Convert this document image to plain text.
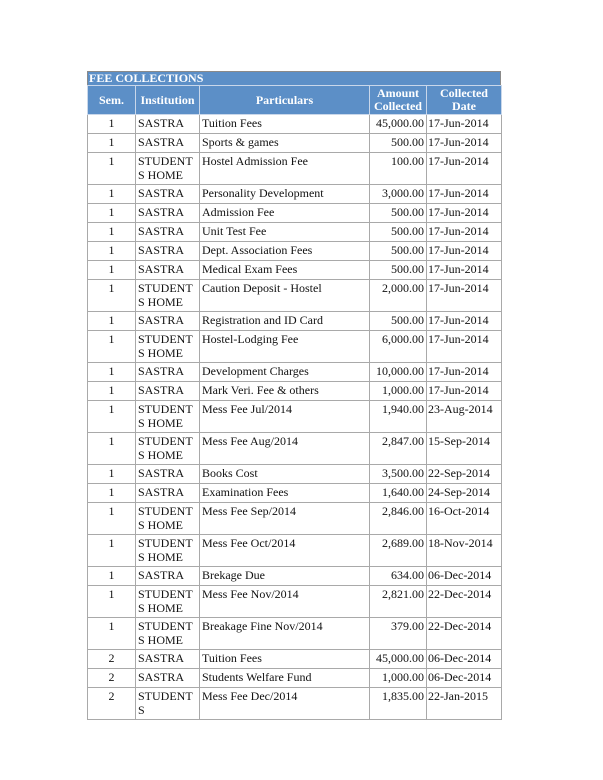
FEE COLLECTIONS
Sem.	Institution	Particulars	Amount Collected	Collected Date
1	SASTRA	Tuition Fees	45,000.00	17-Jun-2014
1	SASTRA	Sports & games	500.00	17-Jun-2014
1	STUDENTS HOME	Hostel Admission Fee	100.00	17-Jun-2014
1	SASTRA	Personality Development	3,000.00	17-Jun-2014
1	SASTRA	Admission Fee	500.00	17-Jun-2014
1	SASTRA	Unit Test Fee	500.00	17-Jun-2014
1	SASTRA	Dept. Association Fees	500.00	17-Jun-2014
1	SASTRA	Medical Exam Fees	500.00	17-Jun-2014
1	STUDENTS HOME	Caution Deposit - Hostel	2,000.00	17-Jun-2014
1	SASTRA	Registration and ID Card	500.00	17-Jun-2014
1	STUDENTS HOME	Hostel-Lodging Fee	6,000.00	17-Jun-2014
1	SASTRA	Development Charges	10,000.00	17-Jun-2014
1	SASTRA	Mark Veri. Fee & others	1,000.00	17-Jun-2014
1	STUDENTS HOME	Mess Fee Jul/2014	1,940.00	23-Aug-2014
1	STUDENTS HOME	Mess Fee Aug/2014	2,847.00	15-Sep-2014
1	SASTRA	Books Cost	3,500.00	22-Sep-2014
1	SASTRA	Examination Fees	1,640.00	24-Sep-2014
1	STUDENTS HOME	Mess Fee Sep/2014	2,846.00	16-Oct-2014
1	STUDENTS HOME	Mess Fee Oct/2014	2,689.00	18-Nov-2014
1	SASTRA	Brekage Due	634.00	06-Dec-2014
1	STUDENTS HOME	Mess Fee Nov/2014	2,821.00	22-Dec-2014
1	STUDENTS HOME	Breakage Fine Nov/2014	379.00	22-Dec-2014
2	SASTRA	Tuition Fees	45,000.00	06-Dec-2014
2	SASTRA	Students Welfare Fund	1,000.00	06-Dec-2014
2	STUDENTS	Mess Fee Dec/2014	1,835.00	22-Jan-2015
